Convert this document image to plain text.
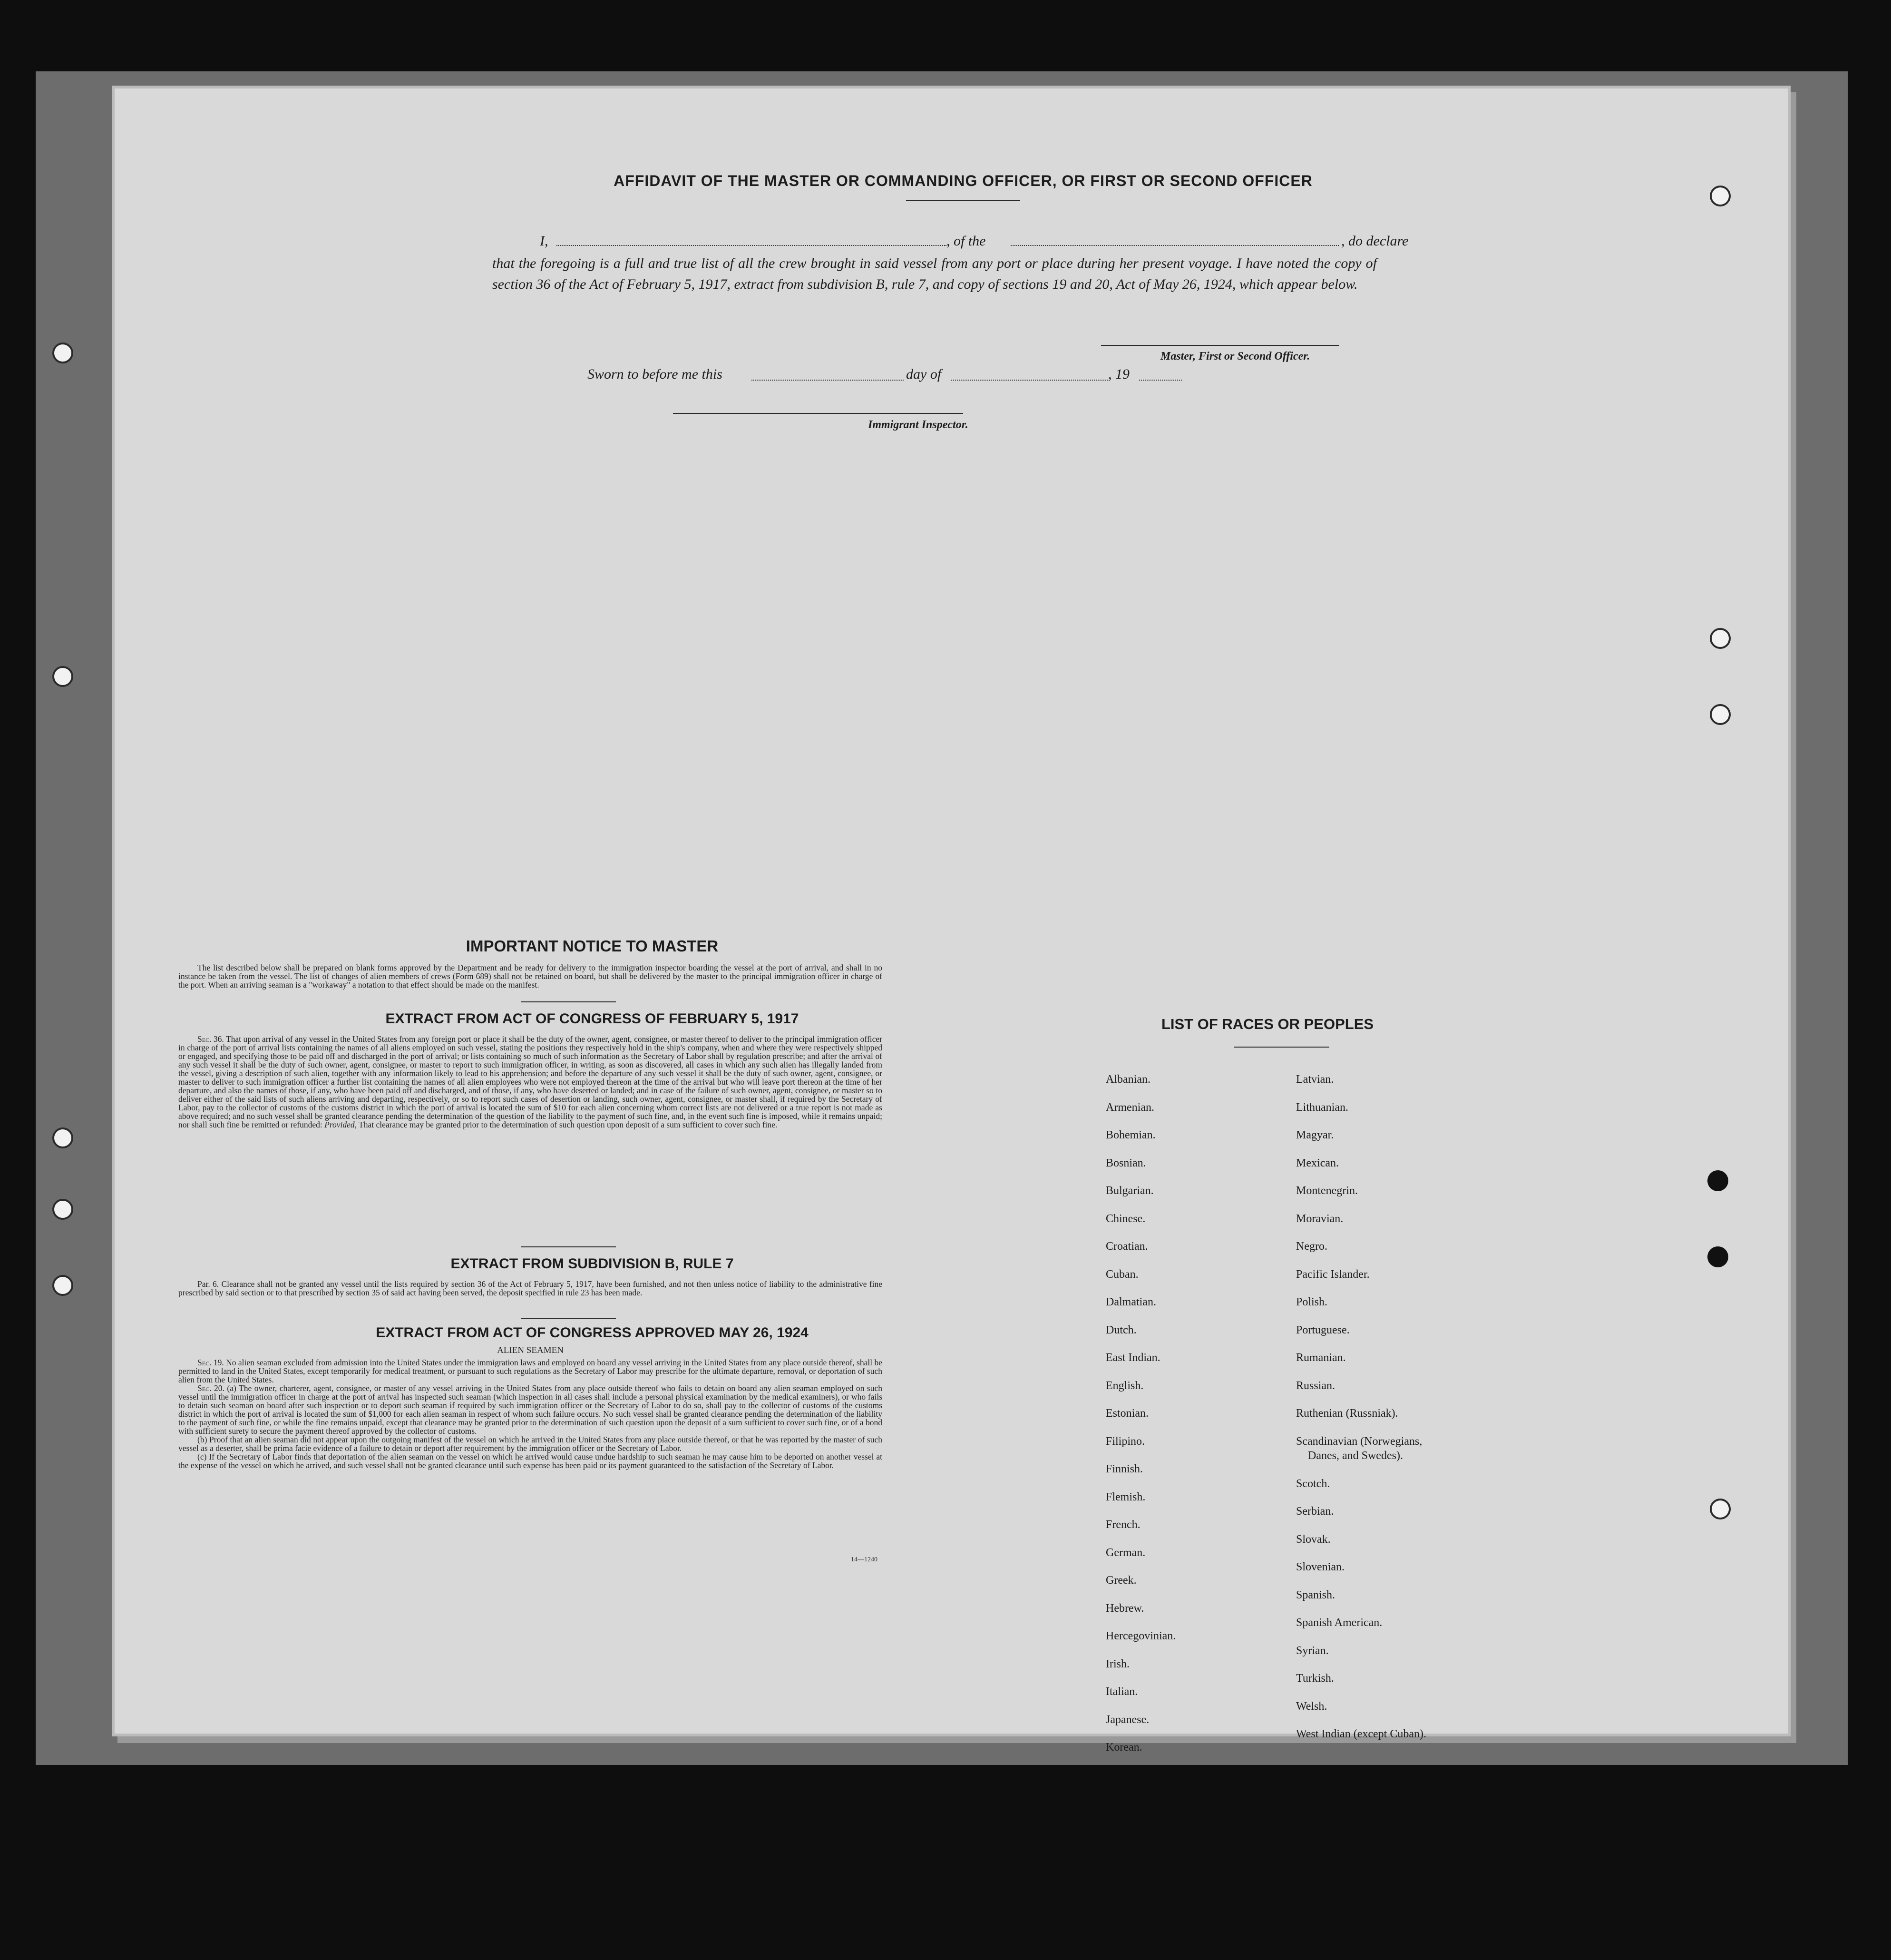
AFFIDAVIT OF THE MASTER OR COMMANDING OFFICER, OR FIRST OR SECOND OFFICER
I,	, of the	, do declare
that the foregoing is a full and true list of all the crew brought in said vessel from any port or place during her present voyage. I have noted the copy of section 36 of the Act of February 5, 1917, extract from subdivision B, rule 7, and copy of sections 19 and 20, Act of May 26, 1924, which appear below.
Master, First or Second Officer.
Sworn to before me this	day of	, 19
Immigrant Inspector.
IMPORTANT NOTICE TO MASTER

The list described below shall be prepared on blank forms approved by the Department and be ready for delivery to the immigration inspector boarding the vessel at the port of arrival, and shall in no instance be taken from the vessel. The list of changes of alien members of crews (Form 689) shall not be retained on board, but shall be delivered by the master to the principal immigration officer in charge of the port. When an arriving seaman is a "workaway" a notation to that effect should be made on the manifest.

EXTRACT FROM ACT OF CONGRESS OF FEBRUARY 5, 1917

Sec. 36. That upon arrival of any vessel in the United States from any foreign port or place it shall be the duty of the owner, agent, consignee, or master thereof to deliver to the principal immigration officer in charge of the port of arrival lists containing the names of all aliens employed on such vessel, stating the positions they respectively hold in the ship's company, when and where they were respectively shipped or engaged, and specifying those to be paid off and discharged in the port of arrival; or lists containing so much of such information as the Secretary of Labor shall by regulation prescribe; and after the arrival of any such vessel it shall be the duty of such owner, agent, consignee, or master to report to such immigration officer, in writing, as soon as discovered, all cases in which any such alien has illegally landed from the vessel, giving a description of such alien, together with any information likely to lead to his apprehension; and before the departure of any such vessel it shall be the duty of such owner, agent, consignee, or master to deliver to such immigration officer a further list containing the names of all alien employees who were not employed thereon at the time of the arrival but who will leave port thereon at the time of her departure, and also the names of those, if any, who have been paid off and discharged, and of those, if any, who have deserted or landed; and in case of the failure of such owner, agent, consignee, or master so to deliver either of the said lists of such aliens arriving and departing, respectively, or so to report such cases of desertion or landing, such owner, agent, consignee, or master shall, if required by the Secretary of Labor, pay to the collector of customs of the customs district in which the port of arrival is located the sum of $10 for each alien concerning whom correct lists are not delivered or a true report is not made as above required; and no such vessel shall be granted clearance pending the determination of the question of the liability to the payment of such fine, and, in the event such fine is imposed, while it remains unpaid; nor shall such fine be remitted or refunded: Provided, That clearance may be granted prior to the determination of such question upon deposit of a sum sufficient to cover such fine.

EXTRACT FROM SUBDIVISION B, RULE 7

Par. 6. Clearance shall not be granted any vessel until the lists required by section 36 of the Act of February 5, 1917, have been furnished, and not then unless notice of liability to the administrative fine prescribed by said section or to that prescribed by section 35 of said act having been served, the deposit specified in rule 23 has been made.

EXTRACT FROM ACT OF CONGRESS APPROVED MAY 26, 1924
ALIEN SEAMEN

Sec. 19. No alien seaman excluded from admission into the United States under the immigration laws and employed on board any vessel arriving in the United States from any place outside thereof, shall be permitted to land in the United States, except temporarily for medical treatment, or pursuant to such regulations as the Secretary of Labor may prescribe for the ultimate departure, removal, or deportation of such alien from the United States.

Sec. 20. (a) The owner, charterer, agent, consignee, or master of any vessel arriving in the United States from any place outside thereof who fails to detain on board any alien seaman employed on such vessel until the immigration officer in charge at the port of arrival has inspected such seaman (which inspection in all cases shall include a personal physical examination by the medical examiners), or who fails to detain such seaman on board after such inspection or to deport such seaman if required by such immigration officer or the Secretary of Labor to do so, shall pay to the collector of customs of the customs district in which the port of arrival is located the sum of $1,000 for each alien seaman in respect of whom such failure occurs. No such vessel shall be granted clearance pending the determination of the liability to the payment of such fine, or while the fine remains unpaid, except that clearance may be granted prior to the determination of such question upon the deposit of a sum sufficient to cover such fine, or of a bond with sufficient surety to secure the payment thereof approved by the collector of customs.

(b) Proof that an alien seaman did not appear upon the outgoing manifest of the vessel on which he arrived in the United States from any place outside thereof, or that he was reported by the master of such vessel as a deserter, shall be prima facie evidence of a failure to detain or deport after requirement by the immigration officer or the Secretary of Labor.

(c) If the Secretary of Labor finds that deportation of the alien seaman on the vessel on which he arrived would cause undue hardship to such seaman he may cause him to be deported on another vessel at the expense of the vessel on which he arrived, and such vessel shall not be granted clearance until such expense has been paid or its payment guaranteed to the satisfaction of the Secretary of Labor.

14—1240
LIST OF RACES OR PEOPLES
Albanian.
Armenian.
Bohemian.
Bosnian.
Bulgarian.
Chinese.
Croatian.
Cuban.
Dalmatian.
Dutch.
East Indian.
English.
Estonian.
Filipino.
Finnish.
Flemish.
French.
German.
Greek.
Hebrew.
Hercegovinian.
Irish.
Italian.
Japanese.
Korean.
Latvian.
Lithuanian.
Magyar.
Mexican.
Montenegrin.
Moravian.
Negro.
Pacific Islander.
Polish.
Portuguese.
Rumanian.
Russian.
Ruthenian (Russniak).
Scandinavian (Norwegians,
Danes, and Swedes).
Scotch.
Serbian.
Slovak.
Slovenian.
Spanish.
Spanish American.
Syrian.
Turkish.
Welsh.
West Indian (except Cuban).
